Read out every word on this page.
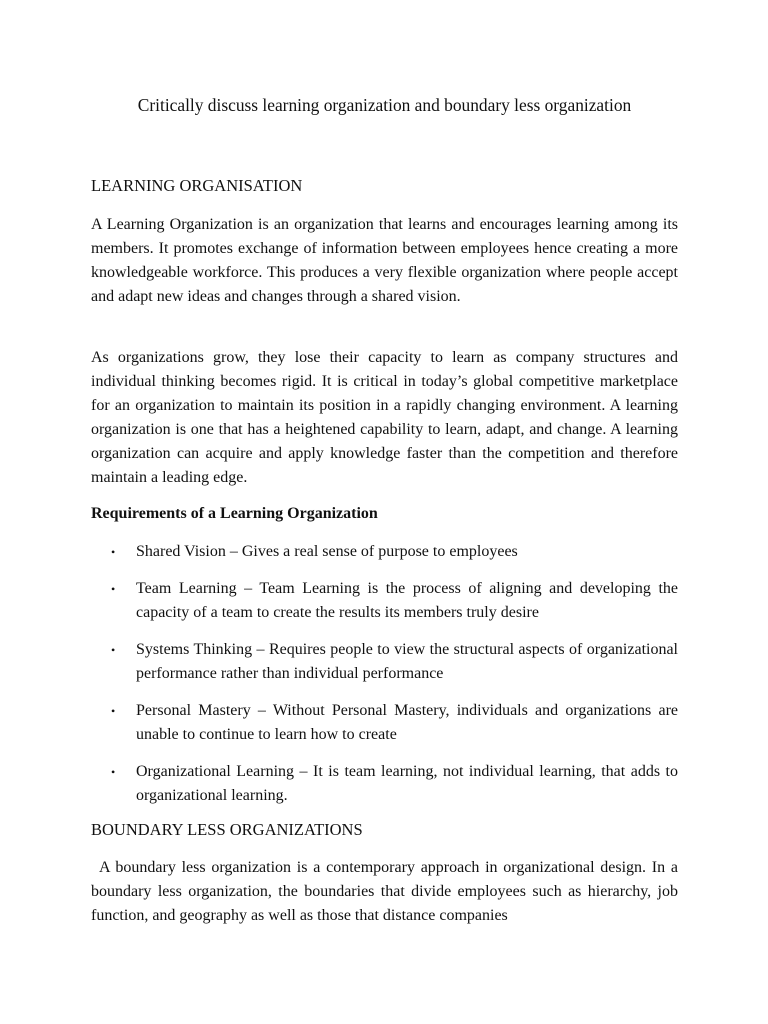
Critically discuss learning organization and boundary less organization
LEARNING ORGANISATION

A Learning Organization is an organization that learns and encourages learning among its members. It promotes exchange of information between employees hence creating a more knowledgeable workforce. This produces a very flexible organization where people accept and adapt new ideas and changes through a shared vision.

As organizations grow, they lose their capacity to learn as company structures and individual thinking becomes rigid. It is critical in today’s global competitive marketplace for an organization to maintain its position in a rapidly changing environment. A learning organization is one that has a heightened capability to learn, adapt, and change. A learning organization can acquire and apply knowledge faster than the competition and therefore maintain a leading edge.

Requirements of a Learning Organization
• Shared Vision – Gives a real sense of purpose to employees
• Team Learning – Team Learning is the process of aligning and developing the capacity of a team to create the results its members truly desire
• Systems Thinking – Requires people to view the structural aspects of organizational performance rather than individual performance
• Personal Mastery – Without Personal Mastery, individuals and organizations are unable to continue to learn how to create
• Organizational Learning – It is team learning, not individual learning, that adds to organizational learning.
BOUNDARY LESS ORGANIZATIONS

A boundary less organization is a contemporary approach in organizational design. In a boundary less organization, the boundaries that divide employees such as hierarchy, job function, and geography as well as those that distance companies
